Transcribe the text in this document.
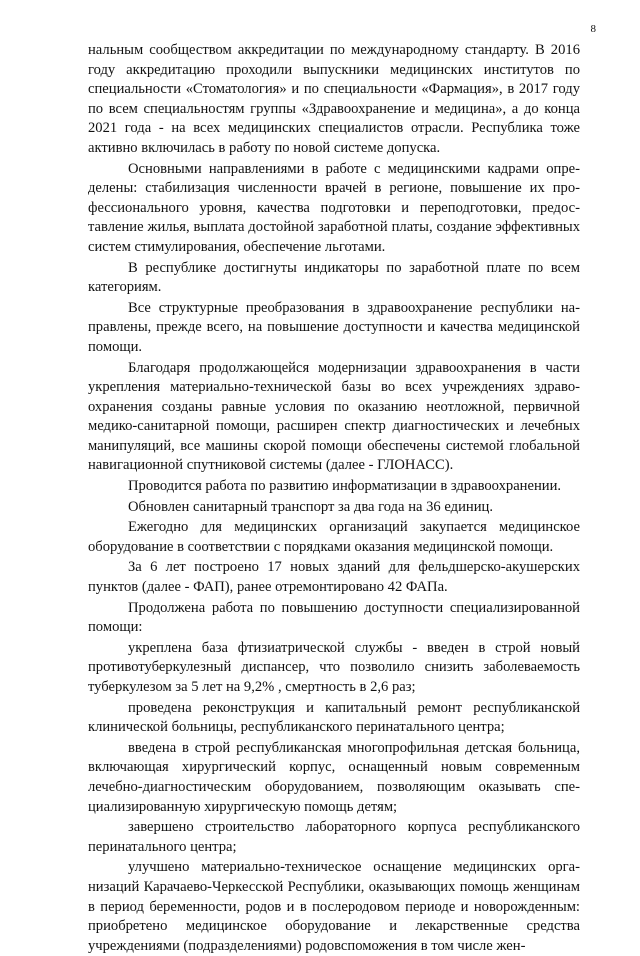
8

нальным сообществом аккредитации по международному стандарту. В 2016 году аккредитацию проходили выпускники медицинских институтов по специальности «Стоматология» и по специальности «Фармация», в 2017 году по всем специальностям группы «Здравоохранение и медицина», а до конца 2021 года - на всех медицинских специалистов отрасли. Республика тоже активно включилась в работу по новой системе допуска.

Основными направлениями в работе с медицинскими кадрами определены: стабилизация численности врачей в регионе, повышение их профессионального уровня, качества подготовки и переподготовки, предоставление жилья, выплата достойной заработной платы, создание эффективных систем стимулирования, обеспечение льготами.

В республике достигнуты индикаторы по заработной плате по всем категориям.

Все структурные преобразования в здравоохранение республики направлены, прежде всего, на повышение доступности и качества медицинской помощи.

Благодаря продолжающейся модернизации здравоохранения в части укрепления материально-технической базы во всех учреждениях здравоохранения созданы равные условия по оказанию неотложной, первичной медико-санитарной помощи, расширен спектр диагностических и лечебных манипуляций, все машины скорой помощи обеспечены системой глобальной навигационной спутниковой системы (далее - ГЛОНАСС).

Проводится работа по развитию информатизации в здравоохранении.

Обновлен санитарный транспорт за два года на 36 единиц.

Ежегодно для медицинских организаций закупается медицинское оборудование в соответствии с порядками оказания медицинской помощи.

За 6 лет построено 17 новых зданий для фельдшерско-акушерских пунктов (далее - ФАП), ранее отремонтировано 42 ФАПа.

Продолжена работа по повышению доступности специализированной помощи:

укреплена база фтизиатрической службы - введен в строй новый противотуберкулезный диспансер, что позволило снизить заболеваемость туберкулезом за 5 лет на 9,2% , смертность в 2,6 раз;

проведена реконструкция и капитальный ремонт республиканской клинической больницы, республиканского перинатального центра;

введена в строй республиканская многопрофильная детская больница, включающая хирургический корпус, оснащенный новым современным лечебно-диагностическим оборудованием, позволяющим оказывать специализированную хирургическую помощь детям;

завершено строительство лабораторного корпуса республиканского перинатального центра;

улучшено материально-техническое оснащение медицинских организаций Карачаево-Черкесской Республики, оказывающих помощь женщинам в период беременности, родов и в послеродовом периоде и новорожденным: приобретено медицинское оборудование и лекарственные средства учреждениями (подразделениями) родовспоможения в том числе жен-
